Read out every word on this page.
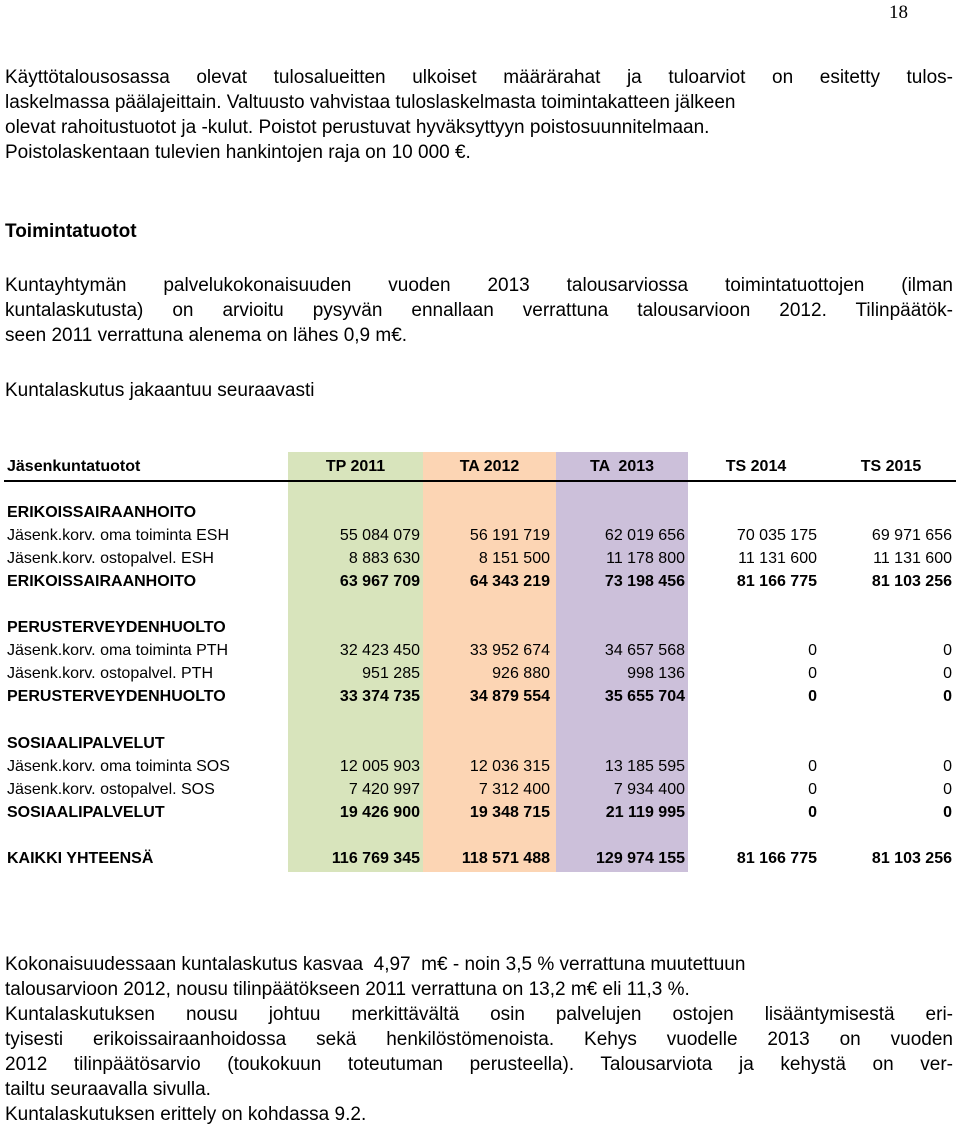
18
Käyttötalousosassa olevat tulosalueitten ulkoiset määrärahat ja tuloarviot on esitetty tulos-
laskelmassa päälajeittain. Valtuusto vahvistaa tuloslaskelmasta toimintakatteen jälkeen
olevat rahoitustuotot ja -kulut. Poistot perustuvat hyväksyttyyn poistosuunnitelmaan.
Poistolaskentaan tulevien hankintojen raja on 10 000 €.
Toimintatuotot
Kuntayhtymän palvelukokonaisuuden vuoden 2013 talousarviossa toimintatuottojen (ilman
kuntalaskutusta) on arvioitu pysyvän ennallaan verrattuna talousarvioon 2012. Tilinpäätök-
seen 2011 verrattuna alenema on lähes 0,9 m€.
Kuntalaskutus jakaantuu seuraavasti
Jäsenkuntatuotot	TP 2011	TA 2012	TA  2013	TS 2014	TS 2015
ERIKOISSAIRAANHOITO
Jäsenk.korv. oma toiminta ESH	55 084 079	56 191 719	62 019 656	70 035 175	69 971 656
Jäsenk.korv. ostopalvel. ESH	8 883 630	8 151 500	11 178 800	11 131 600	11 131 600
ERIKOISSAIRAANHOITO	63 967 709	64 343 219	73 198 456	81 166 775	81 103 256
PERUSTERVEYDENHUOLTO
Jäsenk.korv. oma toiminta PTH	32 423 450	33 952 674	34 657 568	0	0
Jäsenk.korv. ostopalvel. PTH	951 285	926 880	998 136	0	0
PERUSTERVEYDENHUOLTO	33 374 735	34 879 554	35 655 704	0	0
SOSIAALIPALVELUT
Jäsenk.korv. oma toiminta SOS	12 005 903	12 036 315	13 185 595	0	0
Jäsenk.korv. ostopalvel. SOS	7 420 997	7 312 400	7 934 400	0	0
SOSIAALIPALVELUT	19 426 900	19 348 715	21 119 995	0	0
KAIKKI YHTEENSÄ	116 769 345	118 571 488	129 974 155	81 166 775	81 103 256
Kokonaisuudessaan kuntalaskutus kasvaa  4,97  m€ - noin 3,5 % verrattuna muutettuun
talousarvioon 2012, nousu tilinpäätökseen 2011 verrattuna on 13,2 m€ eli 11,3 %.
Kuntalaskutuksen nousu johtuu merkittävältä osin palvelujen ostojen lisääntymisestä eri-
tyisesti erikoissairaanhoidossa sekä henkilöstömenoista. Kehys vuodelle 2013 on vuoden
2012 tilinpäätösarvio (toukokuun toteutuman perusteella). Talousarviota ja kehystä on ver-
tailtu seuraavalla sivulla.
Kuntalaskutuksen erittely on kohdassa 9.2.
